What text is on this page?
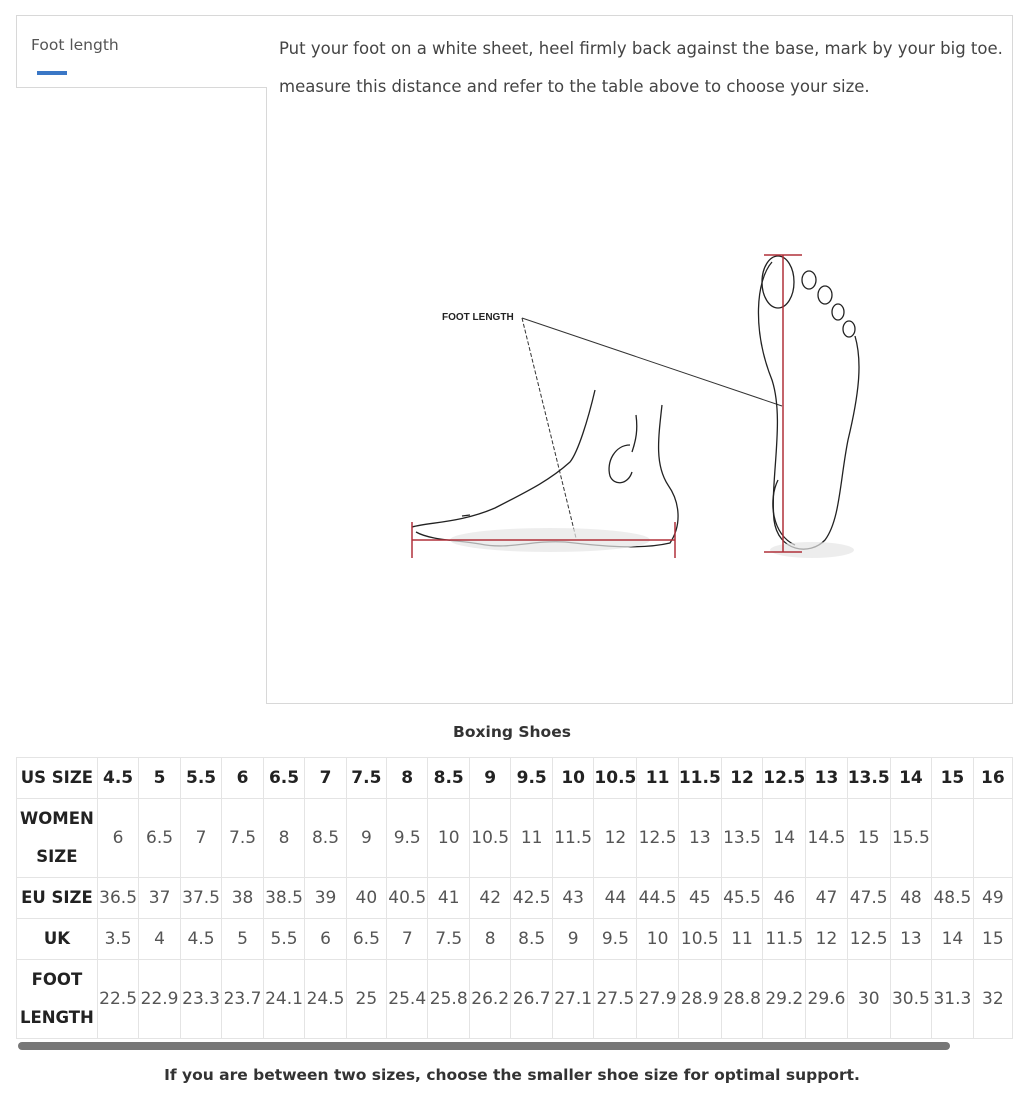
Foot length	Put your foot on a white sheet, heel firmly back against the base, mark by your big toe. measure this distance and refer to the table above to choose your size.
FOOT LENGTH
Boxing Shoes
US SIZE	4.5	5	5.5	6	6.5	7	7.5	8	8.5	9	9.5	10	10.5	11	11.5	12	12.5	13	13.5	14	15	16
WOMEN SIZE	6	6.5	7	7.5	8	8.5	9	9.5	10	10.5	11	11.5	12	12.5	13	13.5	14	14.5	15	15.5		
EU SIZE	36.5	37	37.5	38	38.5	39	40	40.5	41	42	42.5	43	44	44.5	45	45.5	46	47	47.5	48	48.5	49
UK	3.5	4	4.5	5	5.5	6	6.5	7	7.5	8	8.5	9	9.5	10	10.5	11	11.5	12	12.5	13	14	15
FOOT LENGTH	22.5	22.9	23.3	23.7	24.1	24.5	25	25.4	25.8	26.2	26.7	27.1	27.5	27.9	28.9	28.8	29.2	29.6	30	30.5	31.3	32
If you are between two sizes, choose the smaller shoe size for optimal support.
